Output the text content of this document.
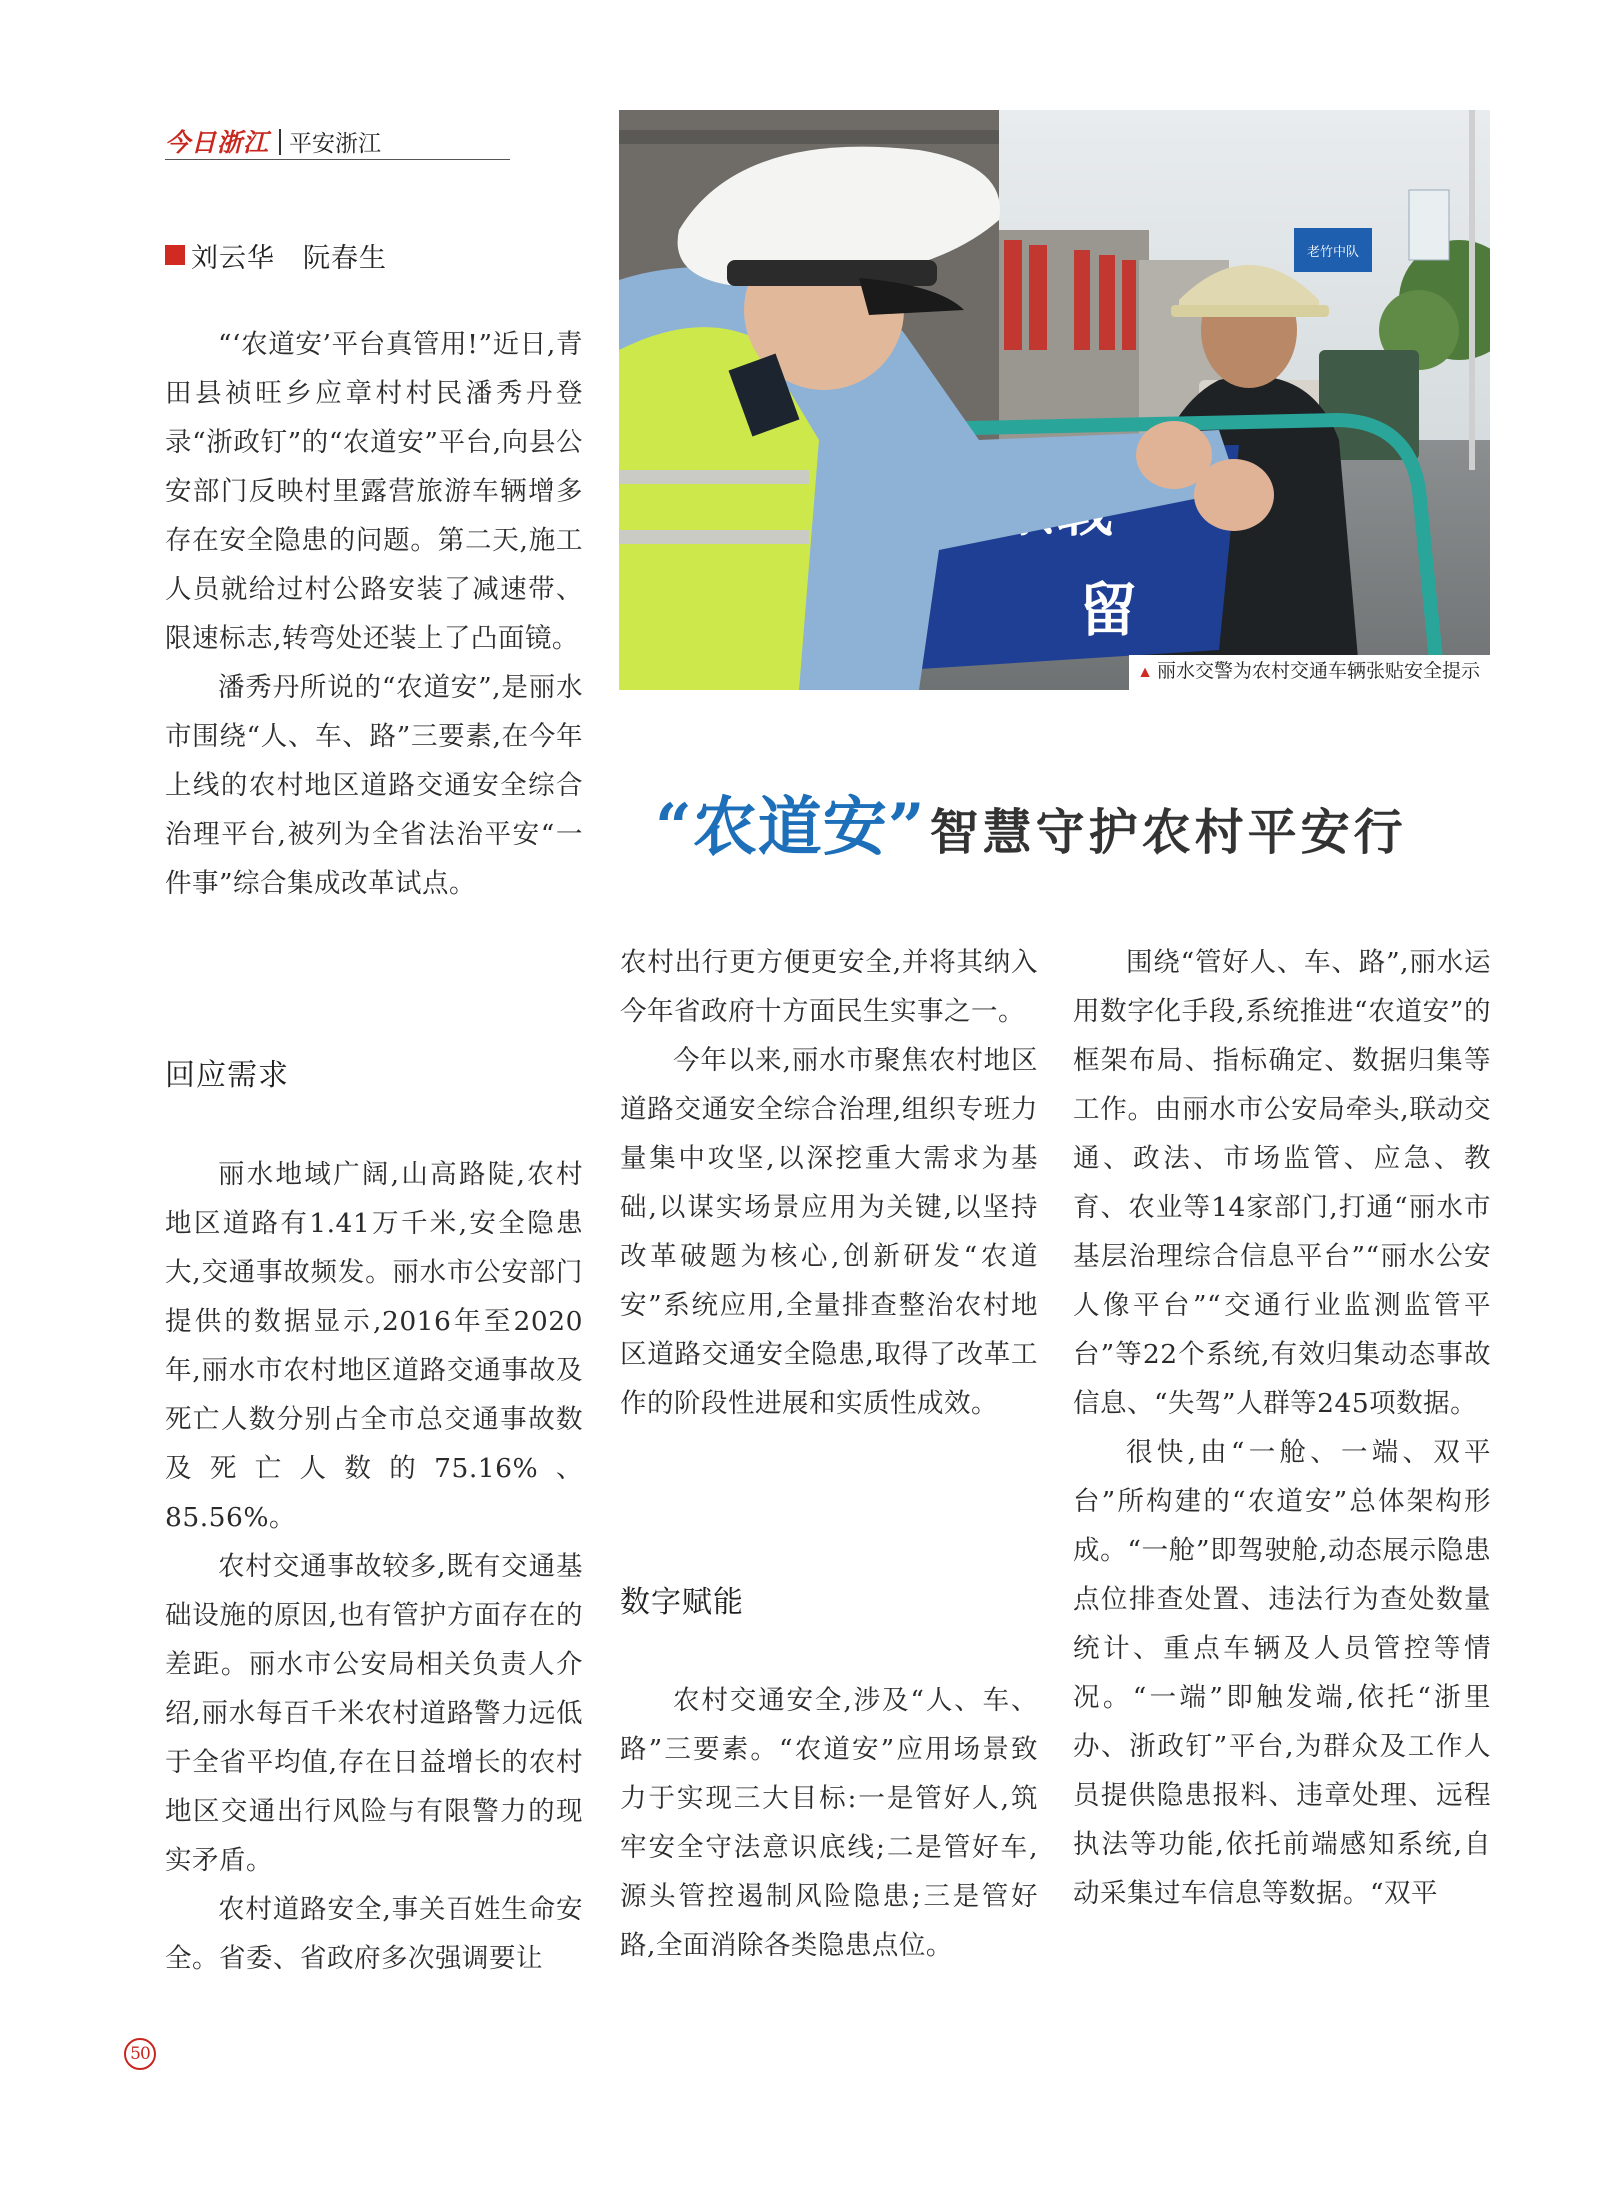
今日浙江 平安浙江
刘云华　阮春生	老竹中队
留
▲ 丽水交警为农村交通车辆张贴安全提示
“农道安” 智慧守护农村平安行

“‘农道安’平台真管用!”近日,青田县祯旺乡应章村村民潘秀丹登录“浙政钉”的“农道安”平台,向县公安部门反映村里露营旅游车辆增多存在安全隐患的问题。第二天,施工人员就给过村公路安装了减速带、限速标志,转弯处还装上了凸面镜。

潘秀丹所说的“农道安”,是丽水市围绕“人、车、路”三要素,在今年上线的农村地区道路交通安全综合治理平台,被列为全省法治平安“一件事”综合集成改革试点。

回应需求

丽水地域广阔,山高路陡,农村地区道路有1.41万千米,安全隐患大,交通事故频发。丽水市公安部门提供的数据显示,2016年至2020年,丽水市农村地区道路交通事故及死亡人数分别占全市总交通事故数及死亡人数的75.16%、85.56%。

农村交通事故较多,既有交通基础设施的原因,也有管护方面存在的差距。丽水市公安局相关负责人介绍,丽水每百千米农村道路警力远低于全省平均值,存在日益增长的农村地区交通出行风险与有限警力的现实矛盾。

农村道路安全,事关百姓生命安全。省委、省政府多次强调要让

农村出行更方便更安全,并将其纳入今年省政府十方面民生实事之一。

今年以来,丽水市聚焦农村地区道路交通安全综合治理,组织专班力量集中攻坚,以深挖重大需求为基础,以谋实场景应用为关键,以坚持改革破题为核心,创新研发“农道安”系统应用,全量排查整治农村地区道路交通安全隐患,取得了改革工作的阶段性进展和实质性成效。

数字赋能

农村交通安全,涉及“人、车、路”三要素。“农道安”应用场景致力于实现三大目标:一是管好人,筑牢安全守法意识底线;二是管好车,源头管控遏制风险隐患;三是管好路,全面消除各类隐患点位。

围绕“管好人、车、路”,丽水运用数字化手段,系统推进“农道安”的框架布局、指标确定、数据归集等工作。由丽水市公安局牵头,联动交通、政法、市场监管、应急、教育、农业等14家部门,打通“丽水市基层治理综合信息平台”“丽水公安人像平台”“交通行业监测监管平台”等22个系统,有效归集动态事故信息、“失驾”人群等245项数据。

很快,由“一舱、一端、双平台”所构建的“农道安”总体架构形成。“一舱”即驾驶舱,动态展示隐患点位排查处置、违法行为查处数量统计、重点车辆及人员管控等情况。“一端”即触发端,依托“浙里办、浙政钉”平台,为群众及工作人员提供隐患报料、违章处理、远程执法等功能,依托前端感知系统,自动采集过车信息等数据。“双平

50
